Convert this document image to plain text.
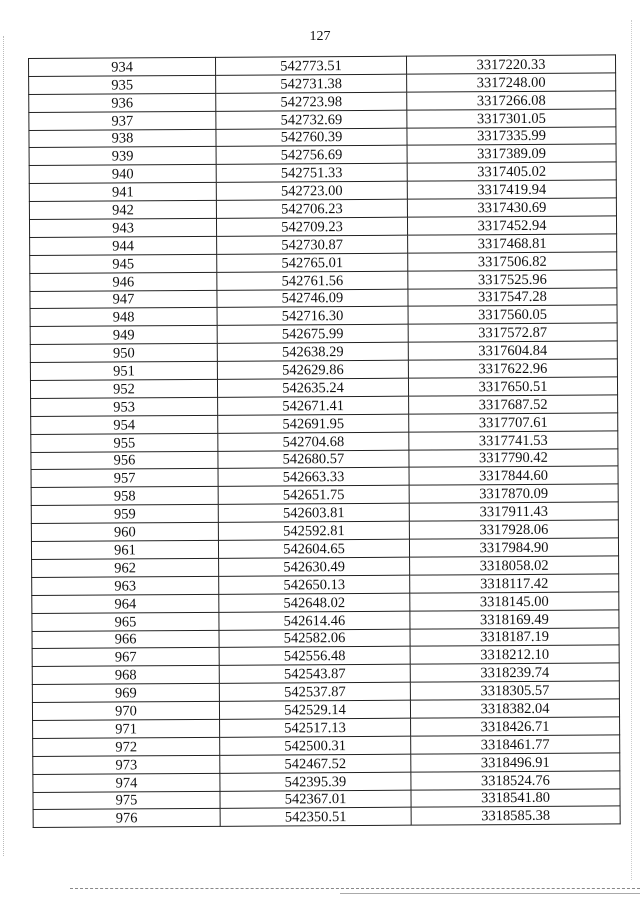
127
934	542773.51	3317220.33
935	542731.38	3317248.00
936	542723.98	3317266.08
937	542732.69	3317301.05
938	542760.39	3317335.99
939	542756.69	3317389.09
940	542751.33	3317405.02
941	542723.00	3317419.94
942	542706.23	3317430.69
943	542709.23	3317452.94
944	542730.87	3317468.81
945	542765.01	3317506.82
946	542761.56	3317525.96
947	542746.09	3317547.28
948	542716.30	3317560.05
949	542675.99	3317572.87
950	542638.29	3317604.84
951	542629.86	3317622.96
952	542635.24	3317650.51
953	542671.41	3317687.52
954	542691.95	3317707.61
955	542704.68	3317741.53
956	542680.57	3317790.42
957	542663.33	3317844.60
958	542651.75	3317870.09
959	542603.81	3317911.43
960	542592.81	3317928.06
961	542604.65	3317984.90
962	542630.49	3318058.02
963	542650.13	3318117.42
964	542648.02	3318145.00
965	542614.46	3318169.49
966	542582.06	3318187.19
967	542556.48	3318212.10
968	542543.87	3318239.74
969	542537.87	3318305.57
970	542529.14	3318382.04
971	542517.13	3318426.71
972	542500.31	3318461.77
973	542467.52	3318496.91
974	542395.39	3318524.76
975	542367.01	3318541.80
976	542350.51	3318585.38
